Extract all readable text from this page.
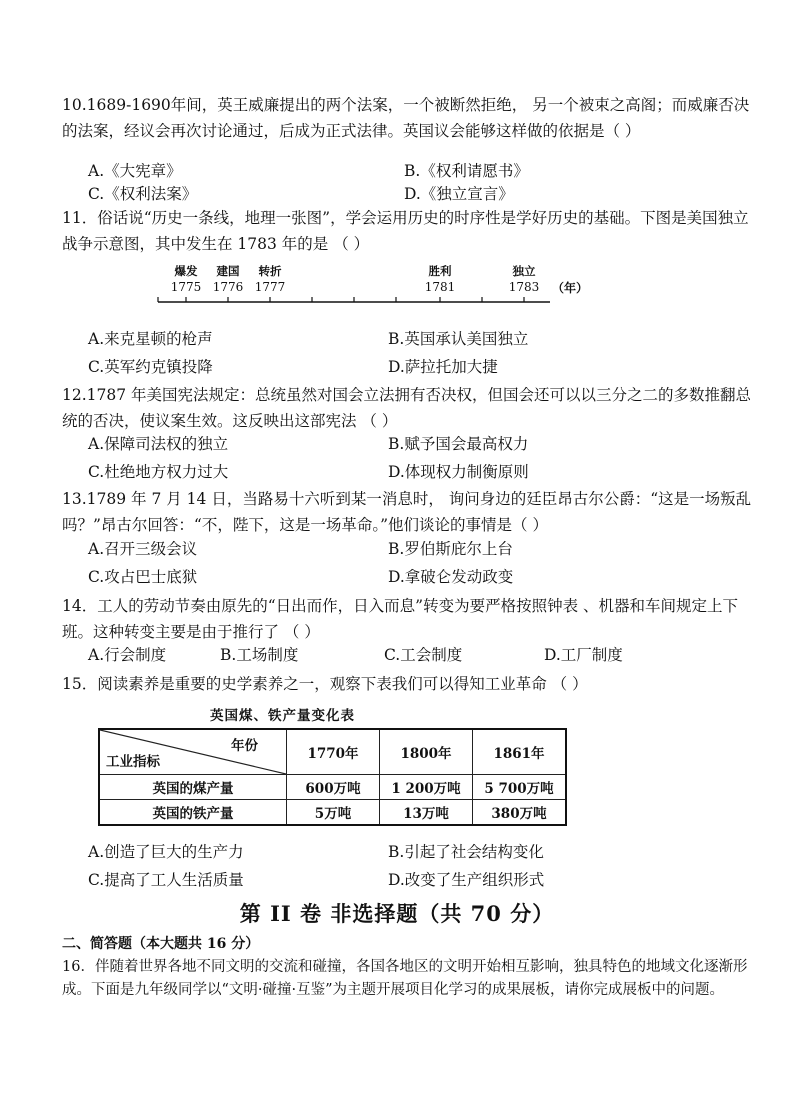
10.1689-1690年间，英王威廉提出的两个法案，一个被断然拒绝， 另一个被束之高阁；而威廉否决的法案，经议会再次讨论通过，后成为正式法律。英国议会能够这样做的依据是（ ）
A.《大宪章》	B.《权利请愿书》
C.《权利法案》	D.《独立宣言》
11．俗话说“历史一条线，地理一张图”，学会运用历史的时序性是学好历史的基础。下图是美国独立战争示意图，其中发生在 1783 年的是 （ ）
爆发
1775
建国
1776
转折
1777
胜利
1781
独立
1783	（年）
A.来克星顿的枪声	B.英国承认美国独立
C.英军约克镇投降	D.萨拉托加大捷
12.1787 年美国宪法规定：总统虽然对国会立法拥有否决权，但国会还可以以三分之二的多数推翻总统的否决，使议案生效。这反映出这部宪法 （ ）
A.保障司法权的独立	B.赋予国会最高权力
C.杜绝地方权力过大	D.体现权力制衡原则
13.1789 年 7 月 14 日，当路易十六听到某一消息时， 询问身边的廷臣昂古尔公爵：“这是一场叛乱吗？”昂古尔回答：“不，陛下，这是一场革命。”他们谈论的事情是（ ）
A.召开三级会议	B.罗伯斯庇尔上台
C.攻占巴士底狱	D.拿破仑发动政变
14．工人的劳动节奏由原先的“日出而作，日入而息”转变为要严格按照钟表 、机器和车间规定上下班。这种转变主要是由于推行了 （ ）
A.行会制度	B.工场制度	C.工会制度	D.工厂制度
15．阅读素养是重要的史学素养之一，观察下表我们可以得知工业革命 （ ）
英国煤、铁产量变化表
年份
工业指标	1770年	1800年	1861年
英国的煤产量	600万吨	1 200万吨	5 700万吨
英国的铁产量	5万吨	13万吨	380万吨
A.创造了巨大的生产力	B.引起了社会结构变化
C.提高了工人生活质量	D.改变了生产组织形式
第 II 卷 非选择题（共 70 分）
二、简答题（本大题共 16 分）
16．伴随着世界各地不同文明的交流和碰撞，各国各地区的文明开始相互影响，独具特色的地域文化逐渐形成。下面是九年级同学以“文明·碰撞·互鉴”为主题开展项目化学习的成果展板，请你完成展板中的问题。
